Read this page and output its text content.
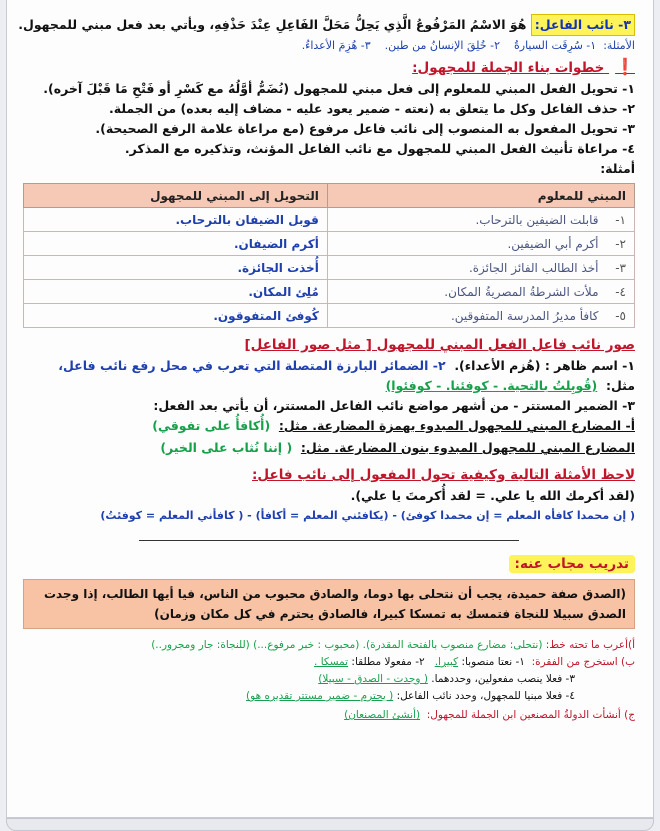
٣- نائب الفاعل: هُوَ الاسْمُ المَرْفُوعُ الَّذِي يَحِلُّ مَحَلَّ الفَاعِلِ عِنْدَ حَذْفِهِ، ويأتي بعد فعل مبني للمجهول.
الأمثلة:  ١- سُرِقَت السيارةُ    ٢- خُلِقَ الإنسانُ من طين.    ٣- هُزِمَ الأعداءُ.
❗ خطوات بناء الجملة للمجهول:
١- تحويل الفعل المبني للمعلوم إلى فعل مبني للمجهول (نُضَمُّ أوَّلُهُ مع كَسْرِ أو فَتْحِ مَا قَبْلَ آخره).
٢- حذف الفاعل وكل ما يتعلق به (نعته - ضمير يعود عليه - مضاف إليه بعده) من الجملة.
٣- تحويل المفعول به المنصوب إلى نائب فاعل مرفوع (مع مراعاة علامة الرفع الصحيحة).
٤- مراعاة تأنيث الفعل المبني للمجهول مع نائب الفاعل المؤنث، وتذكيره مع المذكر.
أمثلة:
المبني للمعلوم		التحويل إلى المبني للمجهول
١-	قابلت الضيفين بالترحاب.	قوبل الضيفان بالترحاب.
٢-	أكرم أبي الضيفين.	أكرم الضيفان.
٣-	أخذ الطالب الفائز الجائزة.	أُخذت الجائزة.
٤-	ملأت الشرطةُ المصريةُ المكان.	مُلِئ المكان.
٥-	كافأ مديرُ المدرسة المتفوقين.	كُوفئ المتفوقون.
صور نائب فاعل الفعل المبني للمجهول [ مثل صور الفاعل]
١- اسم ظاهر : (هُزم الأعداء).  ٢- الضمائر البارزة المتصلة التي تعرب في محل رفع نائب فاعل،
مثل:  (قُوبِلتُ بالتحية. - كوفئنا. - كوفئوا)
٣- الضمير المستتر - من أشهر مواضع نائب الفاعل المستتر، أن يأتي بعد الفعل:
أ- المضارع المبني للمجهول المبدوء بهمزة المضارعة. مثل:  (أُكافأُ على تفوقي)
المضارع المبني للمجهول المبدوء بنون المضارعة. مثل:  ( إننا نُثاب على الخير)
لاحظ الأمثلة التالية وكيفية تحول المفعول إلى نائب فاعل:
(لقد أكرمك الله يا علي. = لقد أُكرمتَ يا علي).
( إن محمدا كافأه المعلم = إن محمدا كوفئ) - (يكافئني المعلم = أكافأ) - ( كافأني المعلم = كوفئتُ)
تدريب مجاب عنه:
(الصدق صفة حميدة، يجب أن نتحلى بها دوما، والصادق محبوب من الناس، فيا أيها الطالب، إذا وجدت الصدق سبيلا للنجاة فتمسك به تمسكا كبيرا، فالصادق يحترم في كل مكان وزمان)
أ)أعرب ما تحته خط: (نتحلى: مضارع منصوب بالفتحة المقدرة). (محبوب : خبر مرفوع...) (للنجاة: جار ومجرور..)
ب) استخرج من الفقرة:  ١- نعتا منصوبا: كبيرا.   ٢- مفعولا مطلقا: تمسكا .
٣- فعلا ينصب مفعولين، وحددهما. ( وجدت - الصدق - سبيلا)
٤- فعلا مبنيا للمجهول، وحدد نائب الفاعل: ( يحترم - ضمير مستتر تقديره هو)
ج) أنشأت الدولةُ المصنعين ابن الجملة للمجهول:  (أنشئ المصنعان)
